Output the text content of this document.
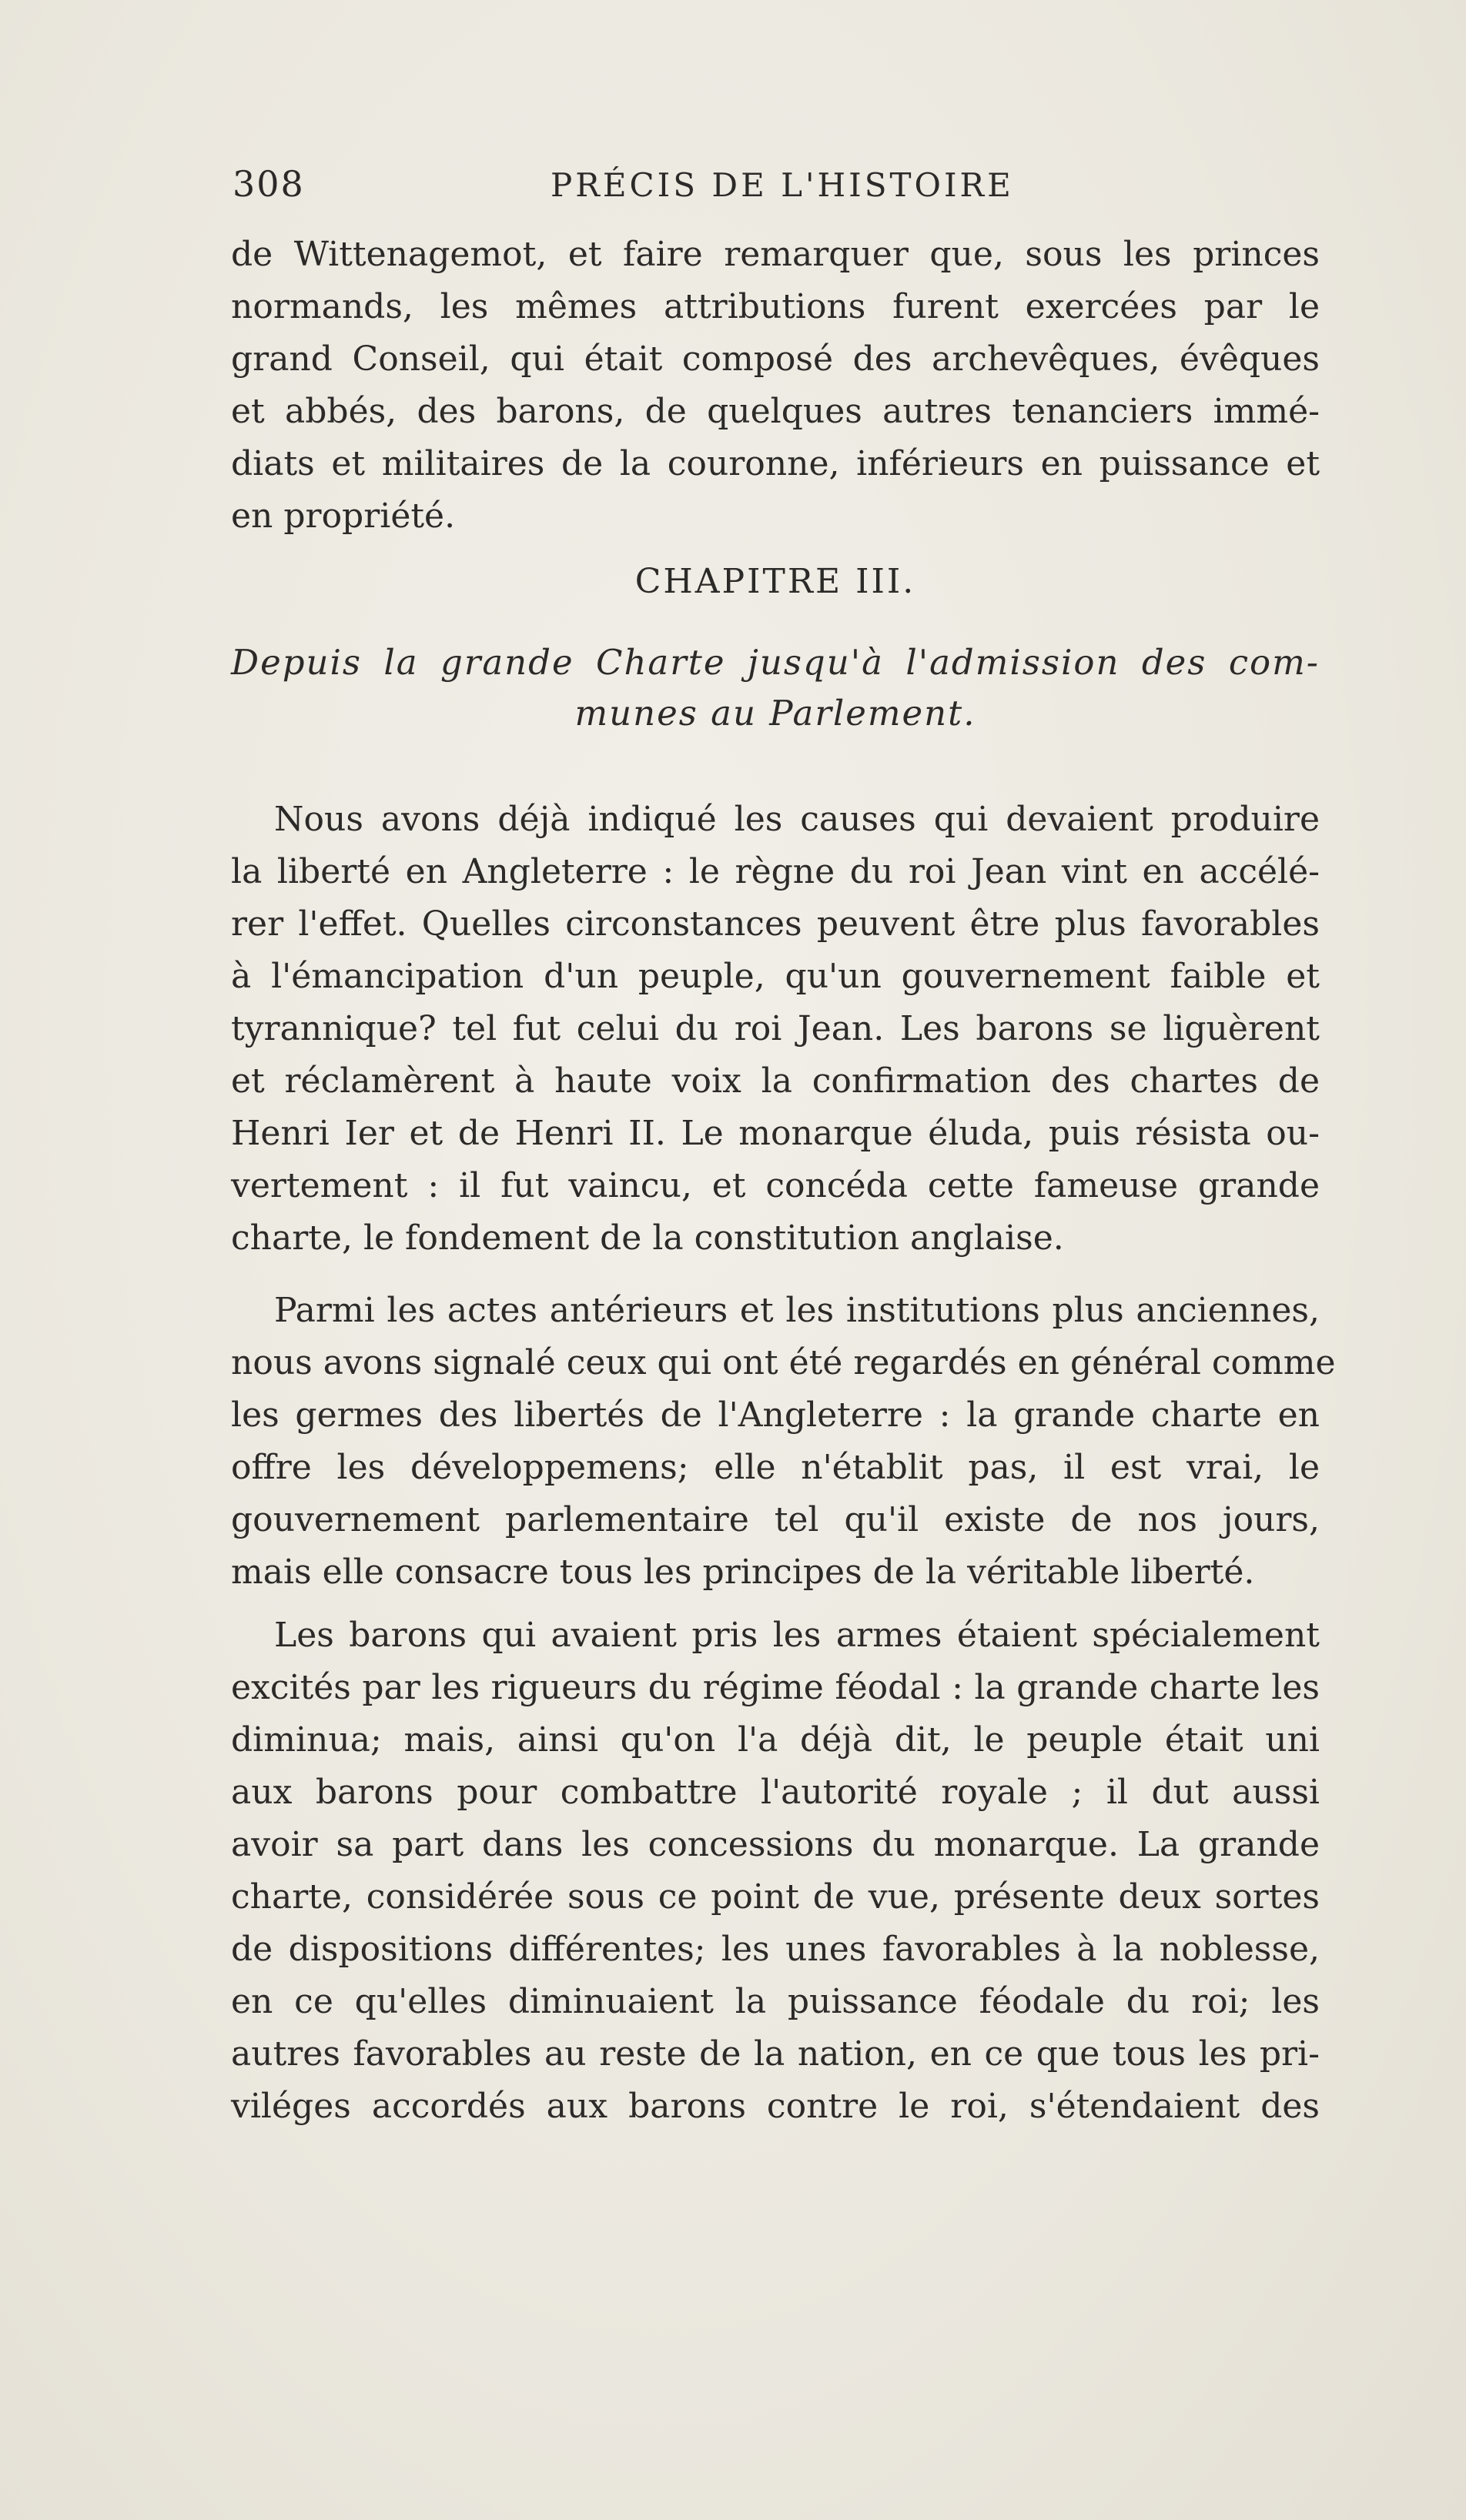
308	PRÉCIS DE L'HISTOIRE
de Wittenagemot, et faire remarquer que, sous les princes
normands, les mêmes attributions furent exercées par le
grand Conseil, qui était composé des archevêques, évêques
et abbés, des barons, de quelques autres tenanciers immé-
diats et militaires de la couronne, inférieurs en puissance et
en propriété.
CHAPITRE III.
Depuis la grande Charte jusqu'à l'admission des com-
munes au Parlement.
Nous avons déjà indiqué les causes qui devaient produire
la liberté en Angleterre : le règne du roi Jean vint en accélé-
rer l'effet. Quelles circonstances peuvent être plus favorables
à l'émancipation d'un peuple, qu'un gouvernement faible et
tyrannique? tel fut celui du roi Jean. Les barons se liguèrent
et réclamèrent à haute voix la confirmation des chartes de
Henri Ier et de Henri II. Le monarque éluda, puis résista ou-
vertement : il fut vaincu, et concéda cette fameuse grande
charte, le fondement de la constitution anglaise.
Parmi les actes antérieurs et les institutions plus anciennes,
nous avons signalé ceux qui ont été regardés en général comme
les germes des libertés de l'Angleterre : la grande charte en
offre les développemens; elle n'établit pas, il est vrai, le
gouvernement parlementaire tel qu'il existe de nos jours,
mais elle consacre tous les principes de la véritable liberté.
Les barons qui avaient pris les armes étaient spécialement
excités par les rigueurs du régime féodal : la grande charte les
diminua; mais, ainsi qu'on l'a déjà dit, le peuple était uni
aux barons pour combattre l'autorité royale ; il dut aussi
avoir sa part dans les concessions du monarque. La grande
charte, considérée sous ce point de vue, présente deux sortes
de dispositions différentes; les unes favorables à la noblesse,
en ce qu'elles diminuaient la puissance féodale du roi; les
autres favorables au reste de la nation, en ce que tous les pri-
viléges accordés aux barons contre le roi, s'étendaient des
